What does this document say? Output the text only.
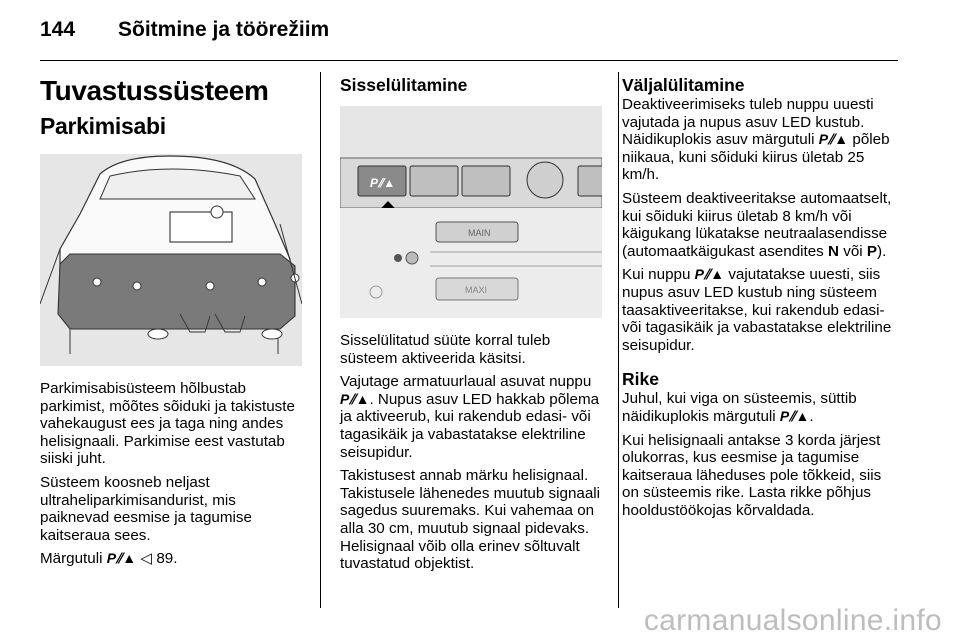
144 Sõitmine ja töörežiim
Tuvastussüsteem
Parkimisabi

Parkimisabisüsteem hõlbustab parkimist, mõõtes sõiduki ja takistuste vahekaugust ees ja taga ning andes helisignaali. Parkimise eest vastutab siiski juht.

Süsteem koosneb neljast ultraheliparkimisandurist, mis paiknevad eesmise ja tagumise kaitseraua sees.

Märgutuli P⫽▲ ◁ 89.

Sisselülitamine
P⫽▲
MAIN
MAXI

Sisselülitatud süüte korral tuleb süsteem aktiveerida käsitsi.

Vajutage armatuurlaual asuvat nuppu P⫽▲. Nupus asuv LED hakkab põlema ja aktiveerub, kui rakendub edasi- või tagasikäik ja vabastatakse elektriline seisupidur.

Takistusest annab märku helisignaal. Takistusele lähenedes muutub signaali sagedus suuremaks. Kui vahemaa on alla 30 cm, muutub signaal pidevaks. Helisignaal võib olla erinev sõltuvalt tuvastatud objektist.

Väljalülitamine

Deaktiveerimiseks tuleb nuppu uuesti vajutada ja nupus asuv LED kustub. Näidikuplokis asuv märgutuli P⫽▲ põleb niikaua, kuni sõiduki kiirus ületab 25 km/h.

Süsteem deaktiveeritakse automaatselt, kui sõiduki kiirus ületab 8 km/h või käigukang lükatakse neutraalasendisse (automaatkäigukast asendites N või P).

Kui nuppu P⫽▲ vajutatakse uuesti, siis nupus asuv LED kustub ning süsteem taasaktiveeritakse, kui rakendub edasi- või tagasikäik ja vabastatakse elektriline seisupidur.

Rike

Juhul, kui viga on süsteemis, süttib näidikuplokis märgutuli P⫽▲.

Kui helisignaali antakse 3 korda järjest olukorras, kus eesmise ja tagumise kaitseraua läheduses pole tõkkeid, siis on süsteemis rike. Lasta rikke põhjus hooldustöökojas kõrvaldada.

carmanualsonline.info
